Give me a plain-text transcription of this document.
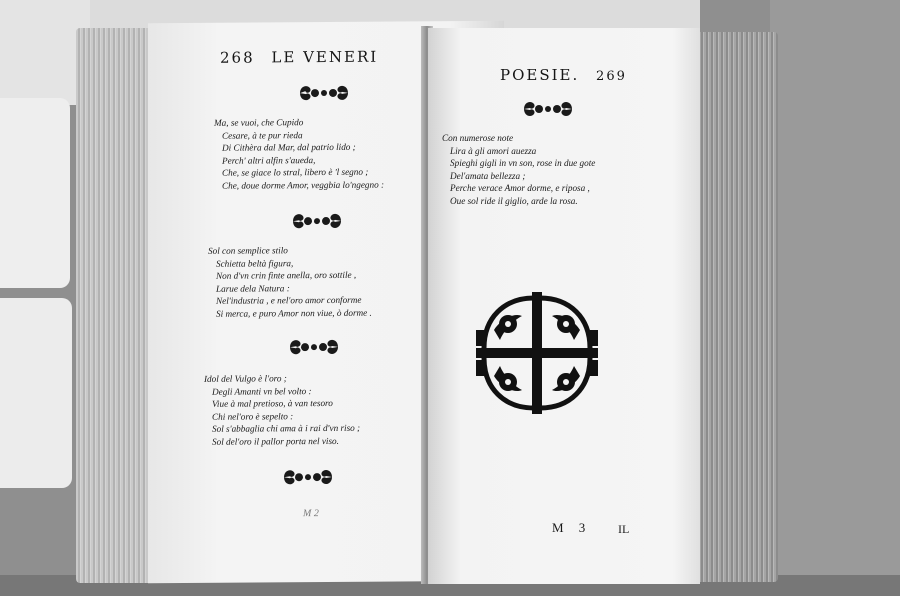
268 LE VENERI
Ma, se vuoi, che Cupido
Cesare, à te pur rieda
Di Cithèra dal Mar, dal patrio lido ;
Perch' altri alfin s'aueda,
Che, se giace lo stral, libero è 'l segno ;
Che, doue dorme Amor, veggbia lo'ngegno :
Sol con semplice stilo
Schietta beltà figura,
Non d'vn crin finte anella, oro sottile ,
Larue dela Natura :
Nel'industria , e nel'oro amor conforme
Si merca, e puro Amor non viue, ò dorme .
Idol del Vulgo è l'oro ;
Degli Amanti vn bel volto :
Viue à mal pretioso, à van tesoro
Chi nel'oro è sepelto :
Sol s'abbaglia chi ama à i rai d'vn riso ;
Sol del'oro il pallor porta nel viso.
M 2
POESIE. 269
Con numerose note
Lira à gli amori auezza
Spieghi gigli in vn son, rose in due gote
Del'amata bellezza ;
Perche verace Amor dorme, e riposa ,
Oue sol ride il giglio, arde la rosa.
M 3 IL
